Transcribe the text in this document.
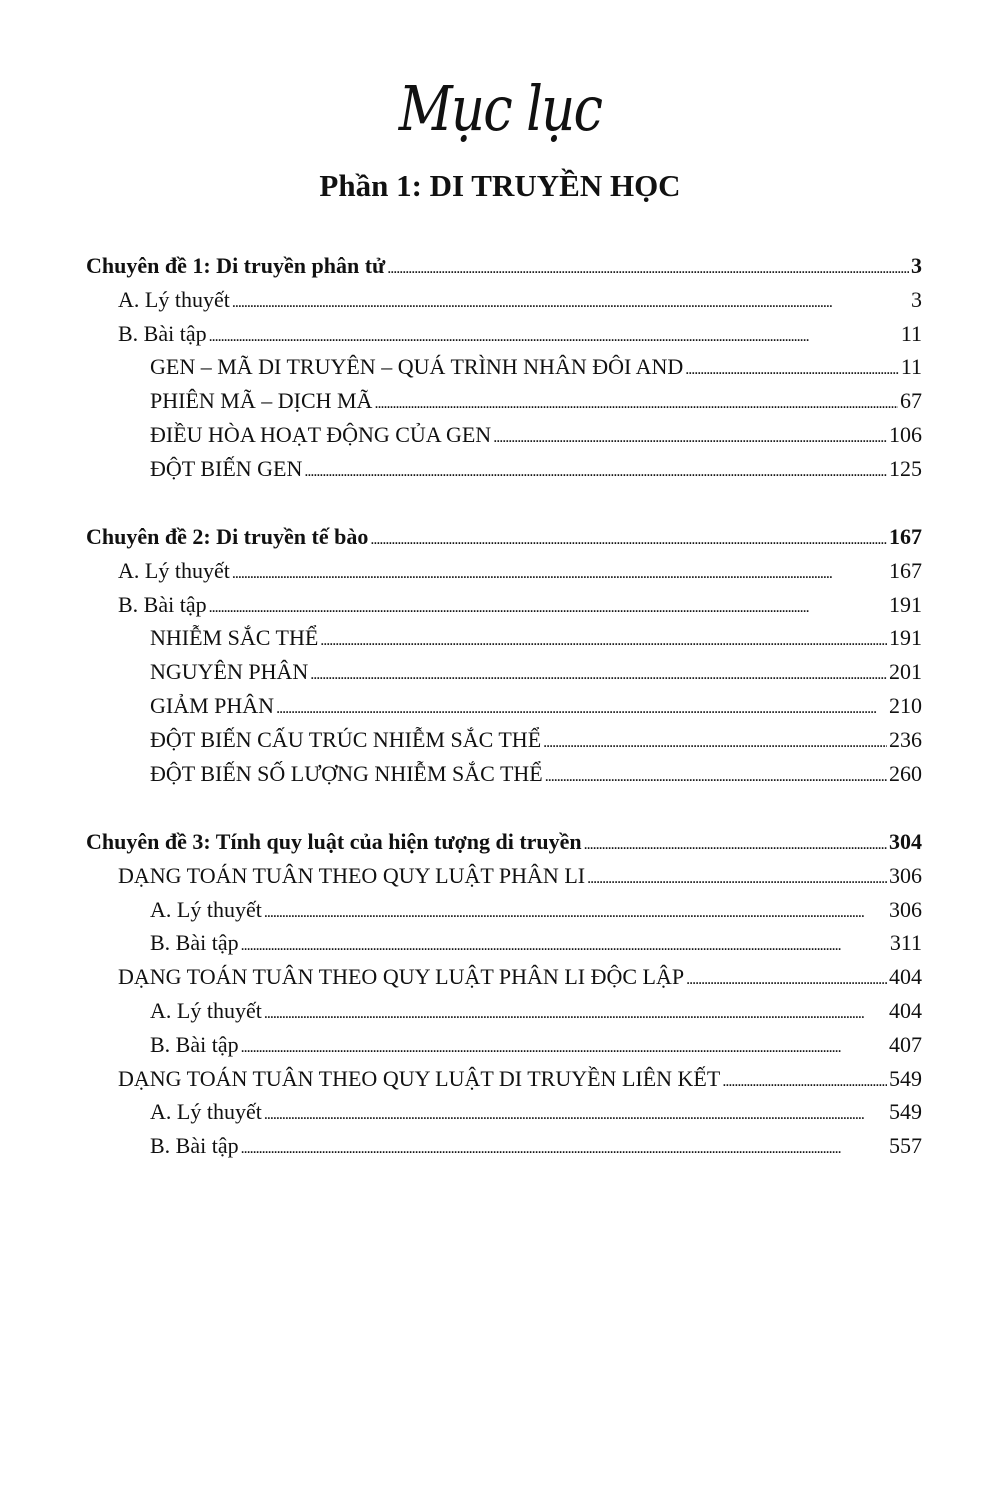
Mục lục
Phần 1: DI TRUYỀN HỌC
Chuyên đề 1: Di truyền phân tử . . .	3
A. Lý thuyết . . .	3
B. Bài tập . . .	11
GEN – MÃ DI TRUYÊN – QUÁ TRÌNH NHÂN ĐÔI AND . . .	11
PHIÊN MÃ – DỊCH MÃ . . .	67
ĐIỀU HÒA HOẠT ĐỘNG CỦA GEN . . .	106
ĐỘT BIẾN GEN . . .	125
Chuyên đề 2: Di truyền tế bào . . .	167
A. Lý thuyết . . .	167
B. Bài tập . . .	191
NHIỄM SẮC THỂ . . .	191
NGUYÊN PHÂN . . .	201
GIẢM PHÂN . . .	210
ĐỘT BIẾN CẤU TRÚC NHIỄM SẮC THỂ . . .	236
ĐỘT BIẾN SỐ LƯỢNG NHIỄM SẮC THỂ . . .	260
Chuyên đề 3: Tính quy luật của hiện tượng di truyền . . .	304
DẠNG TOÁN TUÂN THEO QUY LUẬT PHÂN LI . . .	306
A. Lý thuyết . . .	306
B. Bài tập . . .	311
DẠNG TOÁN TUÂN THEO QUY LUẬT PHÂN LI ĐỘC LẬP . . .	404
A. Lý thuyết . . .	404
B. Bài tập . . .	407
DẠNG TOÁN TUÂN THEO QUY LUẬT DI TRUYỀN LIÊN KẾT . . .	549
A. Lý thuyết . . .	549
B. Bài tập . . .	557
